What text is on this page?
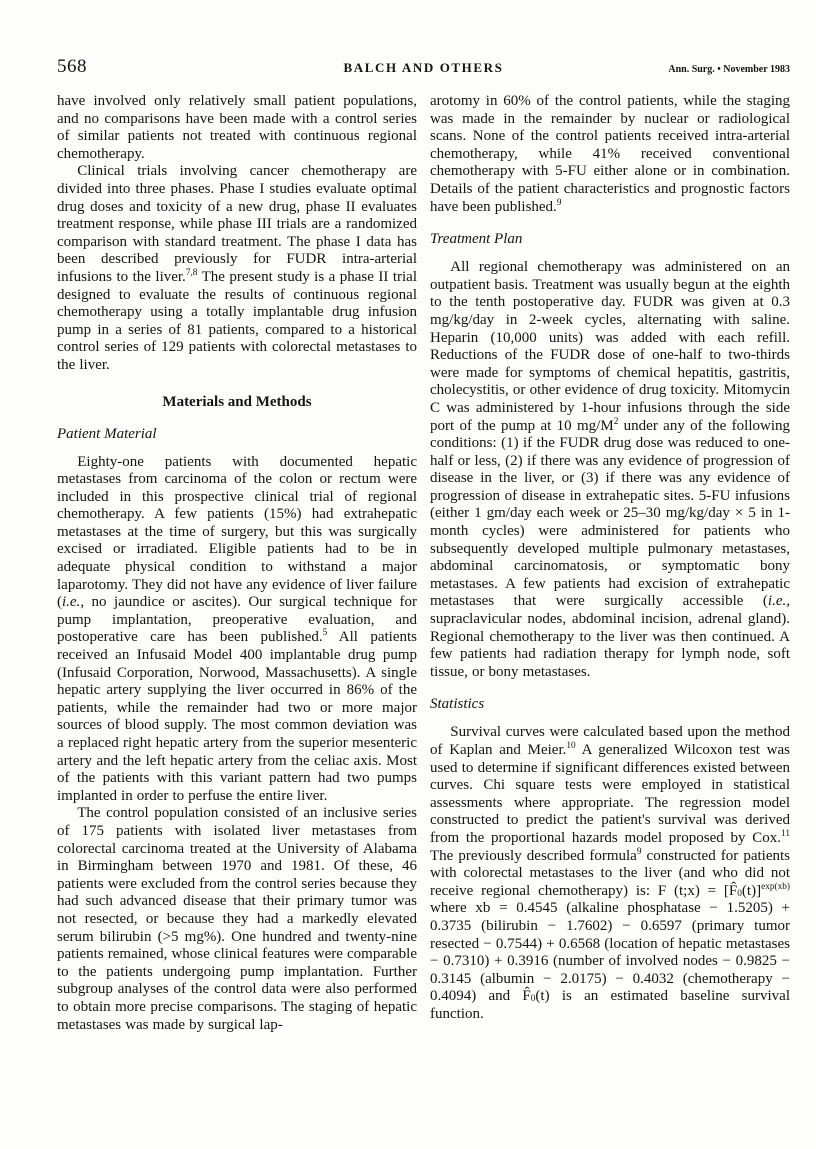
568	BALCH AND OTHERS	Ann. Surg. • November 1983

have involved only relatively small patient populations, and no comparisons have been made with a control series of similar patients not treated with continuous regional chemotherapy.

Clinical trials involving cancer chemotherapy are divided into three phases. Phase I studies evaluate optimal drug doses and toxicity of a new drug, phase II evaluates treatment response, while phase III trials are a randomized comparison with standard treatment. The phase I data has been described previously for FUDR intra-arterial infusions to the liver.$^{7,8}$ The present study is a phase II trial designed to evaluate the results of continuous regional chemotherapy using a totally implantable drug infusion pump in a series of 81 patients, compared to a historical control series of 129 patients with colorectal metastases to the liver.

Materials and Methods
Patient Material

Eighty-one patients with documented hepatic metastases from carcinoma of the colon or rectum were included in this prospective clinical trial of regional chemotherapy. A few patients (15%) had extrahepatic metastases at the time of surgery, but this was surgically excised or irradiated. Eligible patients had to be in adequate physical condition to withstand a major laparotomy. They did not have any evidence of liver failure (i.e., no jaundice or ascites). Our surgical technique for pump implantation, preoperative evaluation, and postoperative care has been published.$^5$ All patients received an Infusaid Model 400 implantable drug pump (Infusaid Corporation, Norwood, Massachusetts). A single hepatic artery supplying the liver occurred in 86% of the patients, while the remainder had two or more major sources of blood supply. The most common deviation was a replaced right hepatic artery from the superior mesenteric artery and the left hepatic artery from the celiac axis. Most of the patients with this variant pattern had two pumps implanted in order to perfuse the entire liver.

The control population consisted of an inclusive series of 175 patients with isolated liver metastases from colorectal carcinoma treated at the University of Alabama in Birmingham between 1970 and 1981. Of these, 46 patients were excluded from the control series because they had such advanced disease that their primary tumor was not resected, or because they had a markedly elevated serum bilirubin (>5 mg%). One hundred and twenty-nine patients remained, whose clinical features were comparable to the patients undergoing pump implantation. Further subgroup analyses of the control data were also performed to obtain more precise comparisons. The staging of hepatic metastases was made by surgical lap-

arotomy in 60% of the control patients, while the staging was made in the remainder by nuclear or radiological scans. None of the control patients received intra-arterial chemotherapy, while 41% received conventional chemotherapy with 5-FU either alone or in combination. Details of the patient characteristics and prognostic factors have been published.$^9$

Treatment Plan

All regional chemotherapy was administered on an outpatient basis. Treatment was usually begun at the eighth to the tenth postoperative day. FUDR was given at 0.3 mg/kg/day in 2-week cycles, alternating with saline. Heparin (10,000 units) was added with each refill. Reductions of the FUDR dose of one-half to two-thirds were made for symptoms of chemical hepatitis, gastritis, cholecystitis, or other evidence of drug toxicity. Mitomycin C was administered by 1-hour infusions through the side port of the pump at 10 $mg/M^2$ under any of the following conditions: (1) if the FUDR drug dose was reduced to one-half or less, (2) if there was any evidence of progression of disease in the liver, or (3) if there was any evidence of progression of disease in extrahepatic sites. 5-FU infusions (either 1 gm/day each week or 25–30 mg/kg/day × 5 in 1-month cycles) were administered for patients who subsequently developed multiple pulmonary metastases, abdominal carcinomatosis, or symptomatic bony metastases. A few patients had excision of extrahepatic metastases that were surgically accessible (i.e., supraclavicular nodes, abdominal incision, adrenal gland). Regional chemotherapy to the liver was then continued. A few patients had radiation therapy for lymph node, soft tissue, or bony metastases.

Statistics

Survival curves were calculated based upon the method of Kaplan and Meier.$^{10}$ A generalized Wilcoxon test was used to determine if significant differences existed between curves. Chi square tests were employed in statistical assessments where appropriate. The regression model constructed to predict the patient's survival was derived from the proportional hazards model proposed by Cox.$^{11}$ The previously described formula$^9$ constructed for patients with colorectal metastases to the liver (and who did not receive regional chemotherapy) is: F (t;x) = $[F̂_0(t)]^{exp(xb)}$ where xb = 0.4545 (alkaline phosphatase − 1.5205) + 0.3735 (bilirubin − 1.7602) − 0.6597 (primary tumor resected − 0.7544) + 0.6568 (location of hepatic metastases − 0.7310) + 0.3916 (number of involved nodes − 0.9825 − 0.3145 (albumin − 2.0175) − 0.4032 (chemotherapy − 0.4094) and $F̂_0(t)$ is an estimated baseline survival function.
